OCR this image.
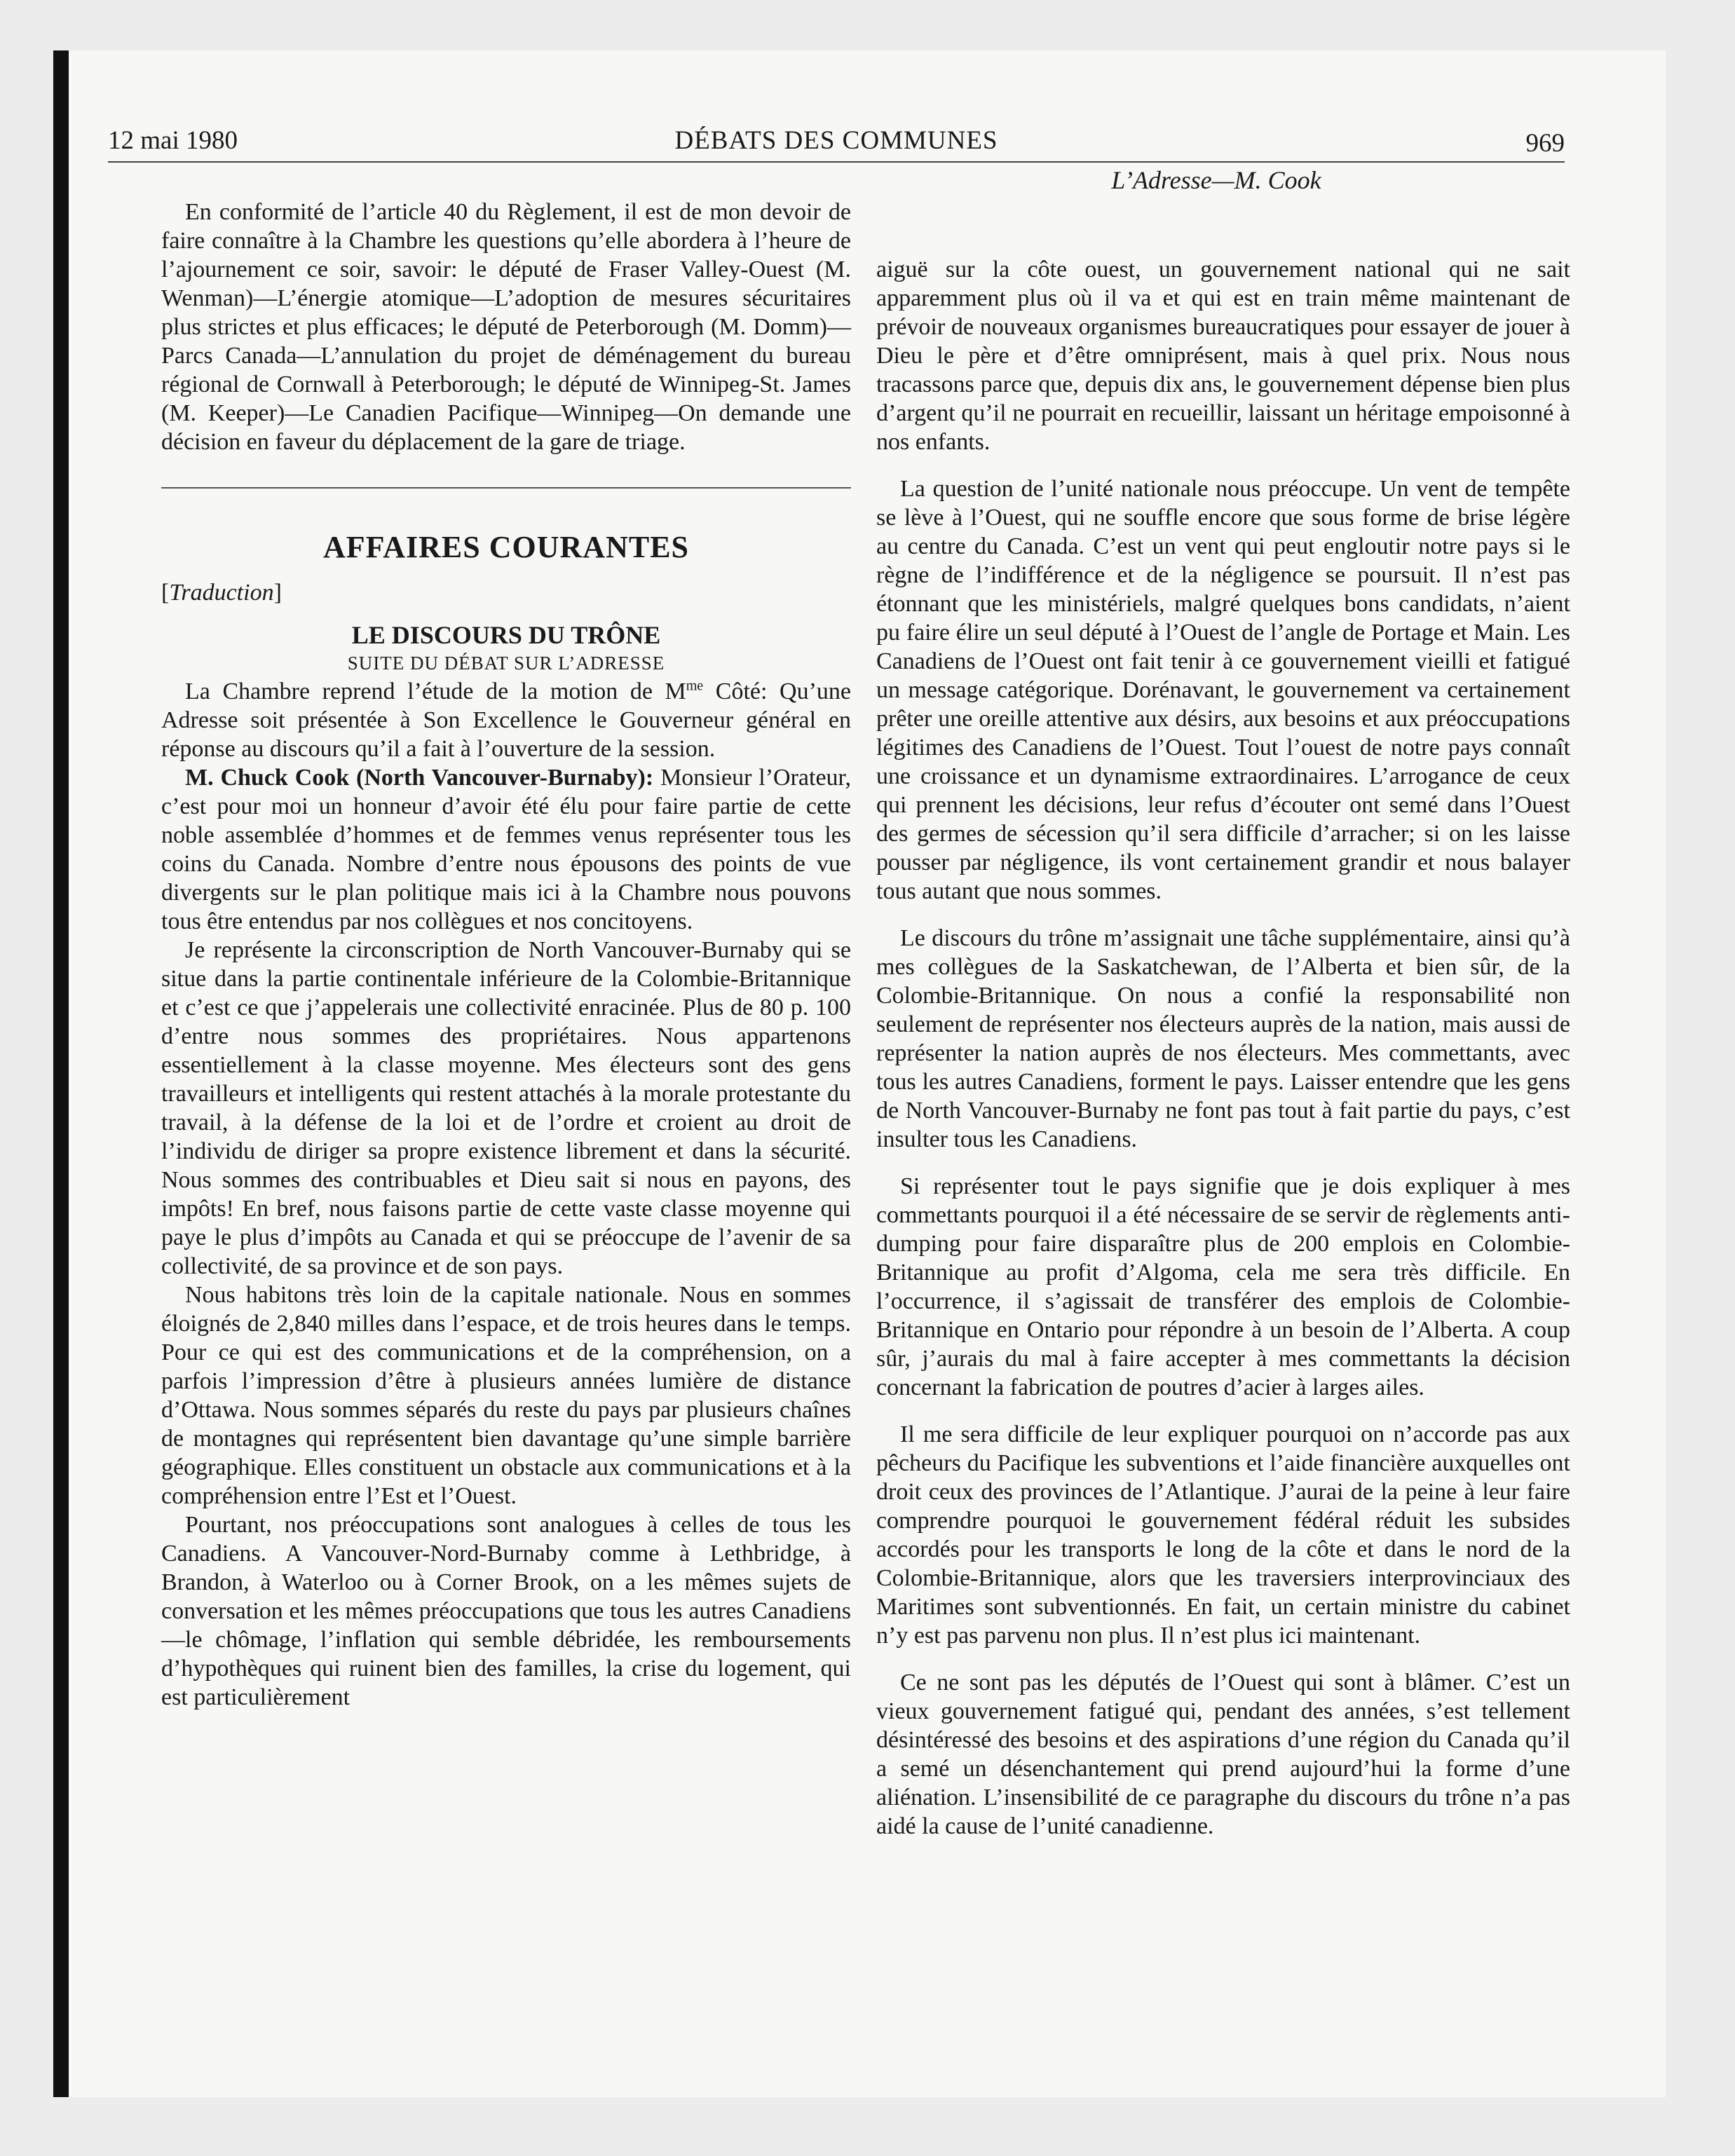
12 mai 1980	DÉBATS DES COMMUNES	969
L’Adresse—M. Cook

En conformité de l’article 40 du Règlement, il est de mon devoir de faire connaître à la Chambre les questions qu’elle abordera à l’heure de l’ajournement ce soir, savoir: le député de Fraser Valley-Ouest (M. Wenman)—L’énergie atomique—L’adoption de mesures sécuritaires plus strictes et plus efficaces; le député de Peterborough (M. Domm)—Parcs Canada—L’annulation du projet de déménagement du bureau régional de Cornwall à Peterborough; le député de Winnipeg-St. James (M. Keeper)—Le Canadien Pacifique—Winnipeg—On demande une décision en faveur du déplacement de la gare de triage.

AFFAIRES COURANTES
[Traduction]
LE DISCOURS DU TRÔNE
SUITE DU DÉBAT SUR L’ADRESSE

La Chambre reprend l’étude de la motion de $M^{me}$ Côté: Qu’une Adresse soit présentée à Son Excellence le Gouverneur général en réponse au discours qu’il a fait à l’ouverture de la session.

M. Chuck Cook (North Vancouver-Burnaby): Monsieur l’Orateur, c’est pour moi un honneur d’avoir été élu pour faire partie de cette noble assemblée d’hommes et de femmes venus représenter tous les coins du Canada. Nombre d’entre nous épousons des points de vue divergents sur le plan politique mais ici à la Chambre nous pouvons tous être entendus par nos collègues et nos concitoyens.

Je représente la circonscription de North Vancouver-Burnaby qui se situe dans la partie continentale inférieure de la Colombie-Britannique et c’est ce que j’appelerais une collectivité enracinée. Plus de 80 p. 100 d’entre nous sommes des propriétaires. Nous appartenons essentiellement à la classe moyenne. Mes électeurs sont des gens travailleurs et intelligents qui restent attachés à la morale protestante du travail, à la défense de la loi et de l’ordre et croient au droit de l’individu de diriger sa propre existence librement et dans la sécurité. Nous sommes des contribuables et Dieu sait si nous en payons, des impôts! En bref, nous faisons partie de cette vaste classe moyenne qui paye le plus d’impôts au Canada et qui se préoccupe de l’avenir de sa collectivité, de sa province et de son pays.

Nous habitons très loin de la capitale nationale. Nous en sommes éloignés de 2,840 milles dans l’espace, et de trois heures dans le temps. Pour ce qui est des communications et de la compréhension, on a parfois l’impression d’être à plusieurs années lumière de distance d’Ottawa. Nous sommes séparés du reste du pays par plusieurs chaînes de montagnes qui représentent bien davantage qu’une simple barrière géographique. Elles constituent un obstacle aux communications et à la compréhension entre l’Est et l’Ouest.

Pourtant, nos préoccupations sont analogues à celles de tous les Canadiens. A Vancouver-Nord-Burnaby comme à Lethbridge, à Brandon, à Waterloo ou à Corner Brook, on a les mêmes sujets de conversation et les mêmes préoccupations que tous les autres Canadiens—le chômage, l’inflation qui semble débridée, les remboursements d’hypothèques qui ruinent bien des familles, la crise du logement, qui est particulièrement

aiguë sur la côte ouest, un gouvernement national qui ne sait apparemment plus où il va et qui est en train même maintenant de prévoir de nouveaux organismes bureaucratiques pour essayer de jouer à Dieu le père et d’être omniprésent, mais à quel prix. Nous nous tracassons parce que, depuis dix ans, le gouvernement dépense bien plus d’argent qu’il ne pourrait en recueillir, laissant un héritage empoisonné à nos enfants.

La question de l’unité nationale nous préoccupe. Un vent de tempête se lève à l’Ouest, qui ne souffle encore que sous forme de brise légère au centre du Canada. C’est un vent qui peut engloutir notre pays si le règne de l’indifférence et de la négligence se poursuit. Il n’est pas étonnant que les ministériels, malgré quelques bons candidats, n’aient pu faire élire un seul député à l’Ouest de l’angle de Portage et Main. Les Canadiens de l’Ouest ont fait tenir à ce gouvernement vieilli et fatigué un message catégorique. Dorénavant, le gouvernement va certainement prêter une oreille attentive aux désirs, aux besoins et aux préoccupations légitimes des Canadiens de l’Ouest. Tout l’ouest de notre pays connaît une croissance et un dynamisme extraordinaires. L’arrogance de ceux qui prennent les décisions, leur refus d’écouter ont semé dans l’Ouest des germes de sécession qu’il sera difficile d’arracher; si on les laisse pousser par négligence, ils vont certainement grandir et nous balayer tous autant que nous sommes.

Le discours du trône m’assignait une tâche supplémentaire, ainsi qu’à mes collègues de la Saskatchewan, de l’Alberta et bien sûr, de la Colombie-Britannique. On nous a confié la responsabilité non seulement de représenter nos électeurs auprès de la nation, mais aussi de représenter la nation auprès de nos électeurs. Mes commettants, avec tous les autres Canadiens, forment le pays. Laisser entendre que les gens de North Vancouver-Burnaby ne font pas tout à fait partie du pays, c’est insulter tous les Canadiens.

Si représenter tout le pays signifie que je dois expliquer à mes commettants pourquoi il a été nécessaire de se servir de règlements anti-dumping pour faire disparaître plus de 200 emplois en Colombie-Britannique au profit d’Algoma, cela me sera très difficile. En l’occurrence, il s’agissait de transférer des emplois de Colombie-Britannique en Ontario pour répondre à un besoin de l’Alberta. A coup sûr, j’aurais du mal à faire accepter à mes commettants la décision concernant la fabrication de poutres d’acier à larges ailes.

Il me sera difficile de leur expliquer pourquoi on n’accorde pas aux pêcheurs du Pacifique les subventions et l’aide financière auxquelles ont droit ceux des provinces de l’Atlantique. J’aurai de la peine à leur faire comprendre pourquoi le gouvernement fédéral réduit les subsides accordés pour les transports le long de la côte et dans le nord de la Colombie-Britannique, alors que les traversiers interprovinciaux des Maritimes sont subventionnés. En fait, un certain ministre du cabinet n’y est pas parvenu non plus. Il n’est plus ici maintenant.

Ce ne sont pas les députés de l’Ouest qui sont à blâmer. C’est un vieux gouvernement fatigué qui, pendant des années, s’est tellement désintéressé des besoins et des aspirations d’une région du Canada qu’il a semé un désenchantement qui prend aujourd’hui la forme d’une aliénation. L’insensibilité de ce paragraphe du discours du trône n’a pas aidé la cause de l’unité canadienne.
